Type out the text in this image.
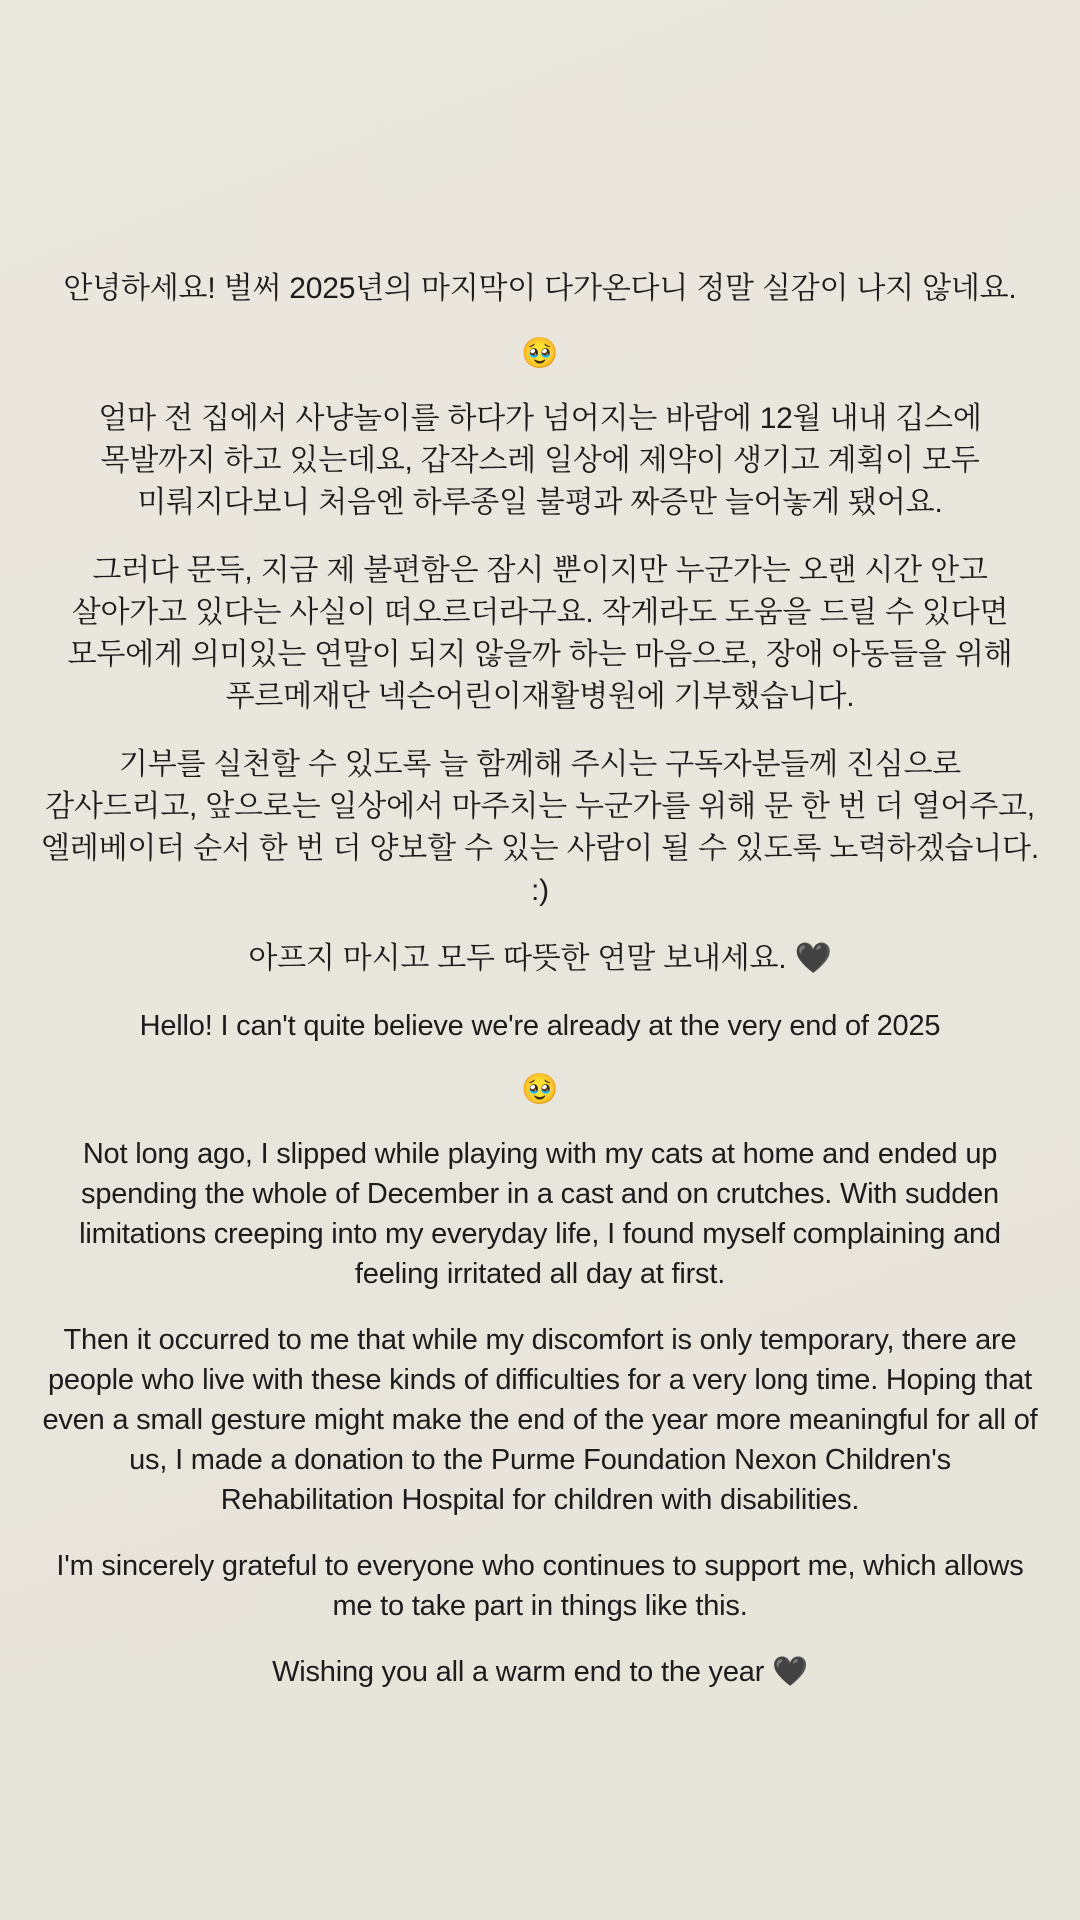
안녕하세요! 벌써 2025년의 마지막이 다가온다니 정말 실감이 나지 않네요.

🥹

얼마 전 집에서 사냥놀이를 하다가 넘어지는 바람에 12월 내내 깁스에 목발까지 하고 있는데요, 갑작스레 일상에 제약이 생기고 계획이 모두 미뤄지다보니 처음엔 하루종일 불평과 짜증만 늘어놓게 됐어요.

그러다 문득, 지금 제 불편함은 잠시 뿐이지만 누군가는 오랜 시간 안고 살아가고 있다는 사실이 떠오르더라구요. 작게라도 도움을 드릴 수 있다면 모두에게 의미있는 연말이 되지 않을까 하는 마음으로, 장애 아동들을 위해 푸르메재단 넥슨어린이재활병원에 기부했습니다.

기부를 실천할 수 있도록 늘 함께해 주시는 구독자분들께 진심으로 감사드리고, 앞으로는 일상에서 마주치는 누군가를 위해 문 한 번 더 열어주고, 엘레베이터 순서 한 번 더 양보할 수 있는 사람이 될 수 있도록 노력하겠습니다. :)

아프지 마시고 모두 따뜻한 연말 보내세요. 🖤

Hello! I can't quite believe we're already at the very end of 2025

🥹

Not long ago, I slipped while playing with my cats at home and ended up spending the whole of December in a cast and on crutches. With sudden limitations creeping into my everyday life, I found myself complaining and feeling irritated all day at first.

Then it occurred to me that while my discomfort is only temporary, there are people who live with these kinds of difficulties for a very long time. Hoping that even a small gesture might make the end of the year more meaningful for all of us, I made a donation to the Purme Foundation Nexon Children's Rehabilitation Hospital for children with disabilities.

I'm sincerely grateful to everyone who continues to support me, which allows me to take part in things like this.

Wishing you all a warm end to the year 🖤
